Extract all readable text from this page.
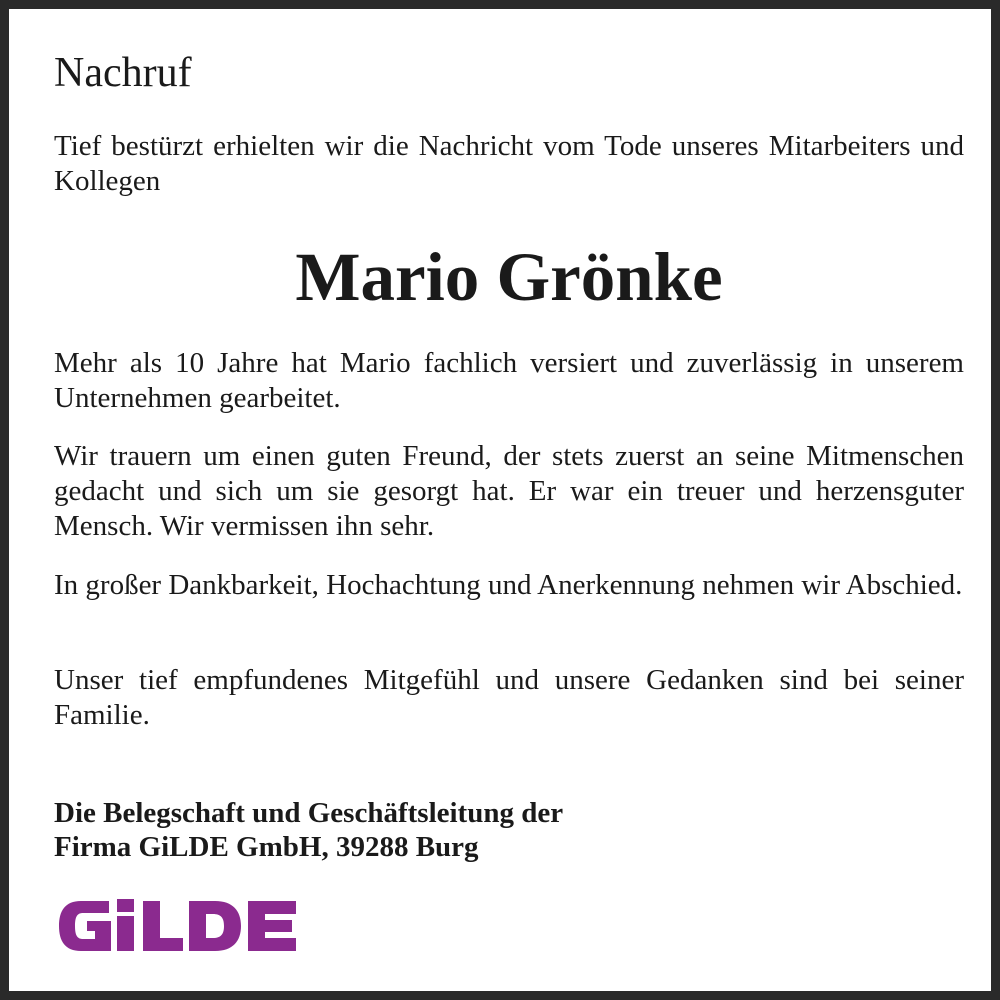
Nachruf

Tief bestürzt erhielten wir die Nachricht vom Tode unseres Mitarbeiters und Kollegen

Mario Grönke

Mehr als 10 Jahre hat Mario fachlich versiert und zuverlässig in unserem Unternehmen gearbeitet.

Wir trauern um einen guten Freund, der stets zuerst an seine Mitmenschen gedacht und sich um sie gesorgt hat. Er war ein treuer und herzensguter Mensch. Wir vermissen ihn sehr.

In großer Dankbarkeit, Hochachtung und Anerkennung nehmen wir Abschied.

Unser tief empfundenes Mitgefühl und unsere Gedanken sind bei seiner Familie.

Die Belegschaft und Geschäftsleitung der
Firma GiLDE GmbH, 39288 Burg
